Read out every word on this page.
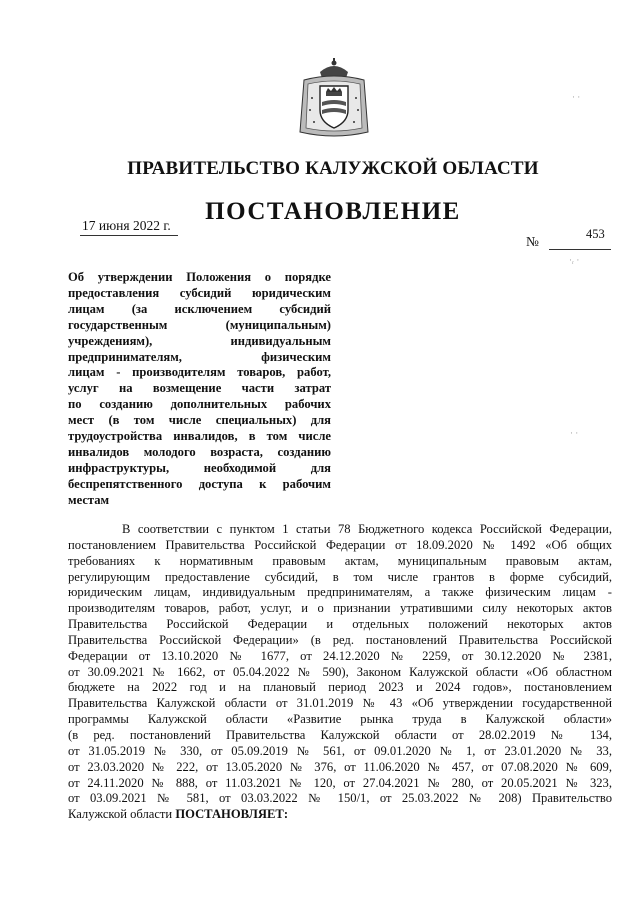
ПРАВИТЕЛЬСТВО КАЛУЖСКОЙ ОБЛАСТИ
ПОСТАНОВЛЕНИЕ
17 июня 2022 г.
№	453
Об утверждении Положения о порядке
предоставления субсидий юридическим
лицам (за исключением субсидий
государственным (муниципальным)
учреждениям), индивидуальным
предпринимателям, физическим
лицам - производителям товаров, работ,
услуг на возмещение части затрат
по созданию дополнительных рабочих
мест (в том числе специальных) для
трудоустройства инвалидов, в том числе
инвалидов молодого возраста, созданию
инфраструктуры, необходимой для
беспрепятственного доступа к рабочим
местам
В соответствии с пунктом 1 статьи 78 Бюджетного кодекса Российской Федерации,
постановлением Правительства Российской Федерации от 18.09.2020 № 1492 «Об общих
требованиях к нормативным правовым актам, муниципальным правовым актам,
регулирующим предоставление субсидий, в том числе грантов в форме субсидий,
юридическим лицам, индивидуальным предпринимателям, а также физическим лицам -
производителям товаров, работ, услуг, и о признании утратившими силу некоторых актов
Правительства Российской Федерации и отдельных положений некоторых актов
Правительства Российской Федерации» (в ред. постановлений Правительства Российской
Федерации от 13.10.2020 № 1677, от 24.12.2020 № 2259, от 30.12.2020 № 2381,
от 30.09.2021 № 1662, от 05.04.2022 № 590), Законом Калужской области «Об областном
бюджете на 2022 год и на плановый период 2023 и 2024 годов», постановлением
Правительства Калужской области от 31.01.2019 № 43 «Об утверждении государственной
программы Калужской области «Развитие рынка труда в Калужской области»
(в ред. постановлений Правительства Калужской области от 28.02.2019 № 134,
от 31.05.2019 № 330, от 05.09.2019 № 561, от 09.01.2020 № 1, от 23.01.2020 № 33,
от 23.03.2020 № 222, от 13.05.2020 № 376, от 11.06.2020 № 457, от 07.08.2020 № 609,
от 24.11.2020 № 888, от 11.03.2021 № 120, от 27.04.2021 № 280, от 20.05.2021 № 323,
от 03.09.2021 № 581, от 03.03.2022 № 150/1, от 25.03.2022 № 208) Правительство
Калужской области ПОСТАНОВЛЯЕТ:
· ·
·ᵣ ·
· ·
